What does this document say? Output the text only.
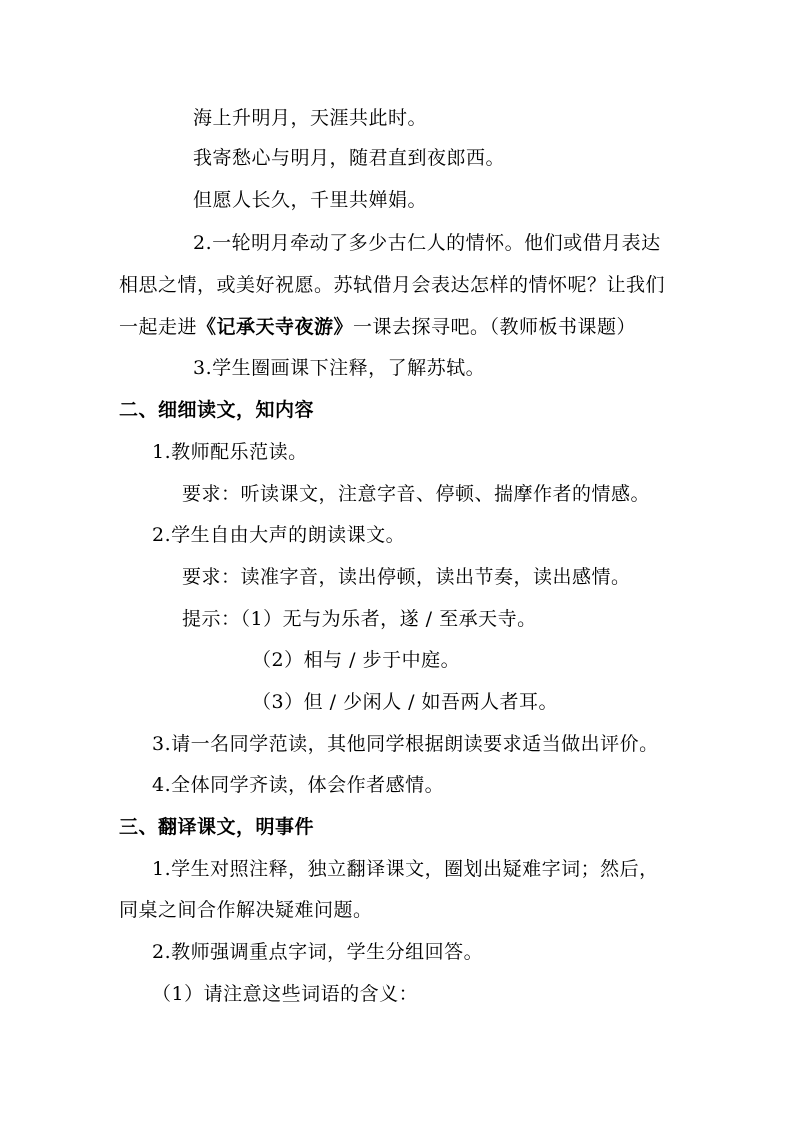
海上升明月，天涯共此时。
我寄愁心与明月，随君直到夜郎西。
但愿人长久，千里共婵娟。
2.一轮明月牵动了多少古仁人的情怀。他们或借月表达
相思之情，或美好祝愿。苏轼借月会表达怎样的情怀呢？让我们
一起走进《记承天寺夜游》一课去探寻吧。（教师板书课题）
3.学生圈画课下注释，了解苏轼。
二、细细读文，知内容
1.教师配乐范读。
要求：听读课文，注意字音、停顿、揣摩作者的情感。
2.学生自由大声的朗读课文。
要求：读准字音，读出停顿，读出节奏，读出感情。
提示：（1）无与为乐者，遂 / 至承天寺。
（2）相与 / 步于中庭。
（3）但 / 少闲人 / 如吾两人者耳。
3.请一名同学范读，其他同学根据朗读要求适当做出评价。
4.全体同学齐读，体会作者感情。
三、翻译课文，明事件
1.学生对照注释，独立翻译课文，圈划出疑难字词；然后，
同桌之间合作解决疑难问题。
2.教师强调重点字词，学生分组回答。
（1）请注意这些词语的含义：
